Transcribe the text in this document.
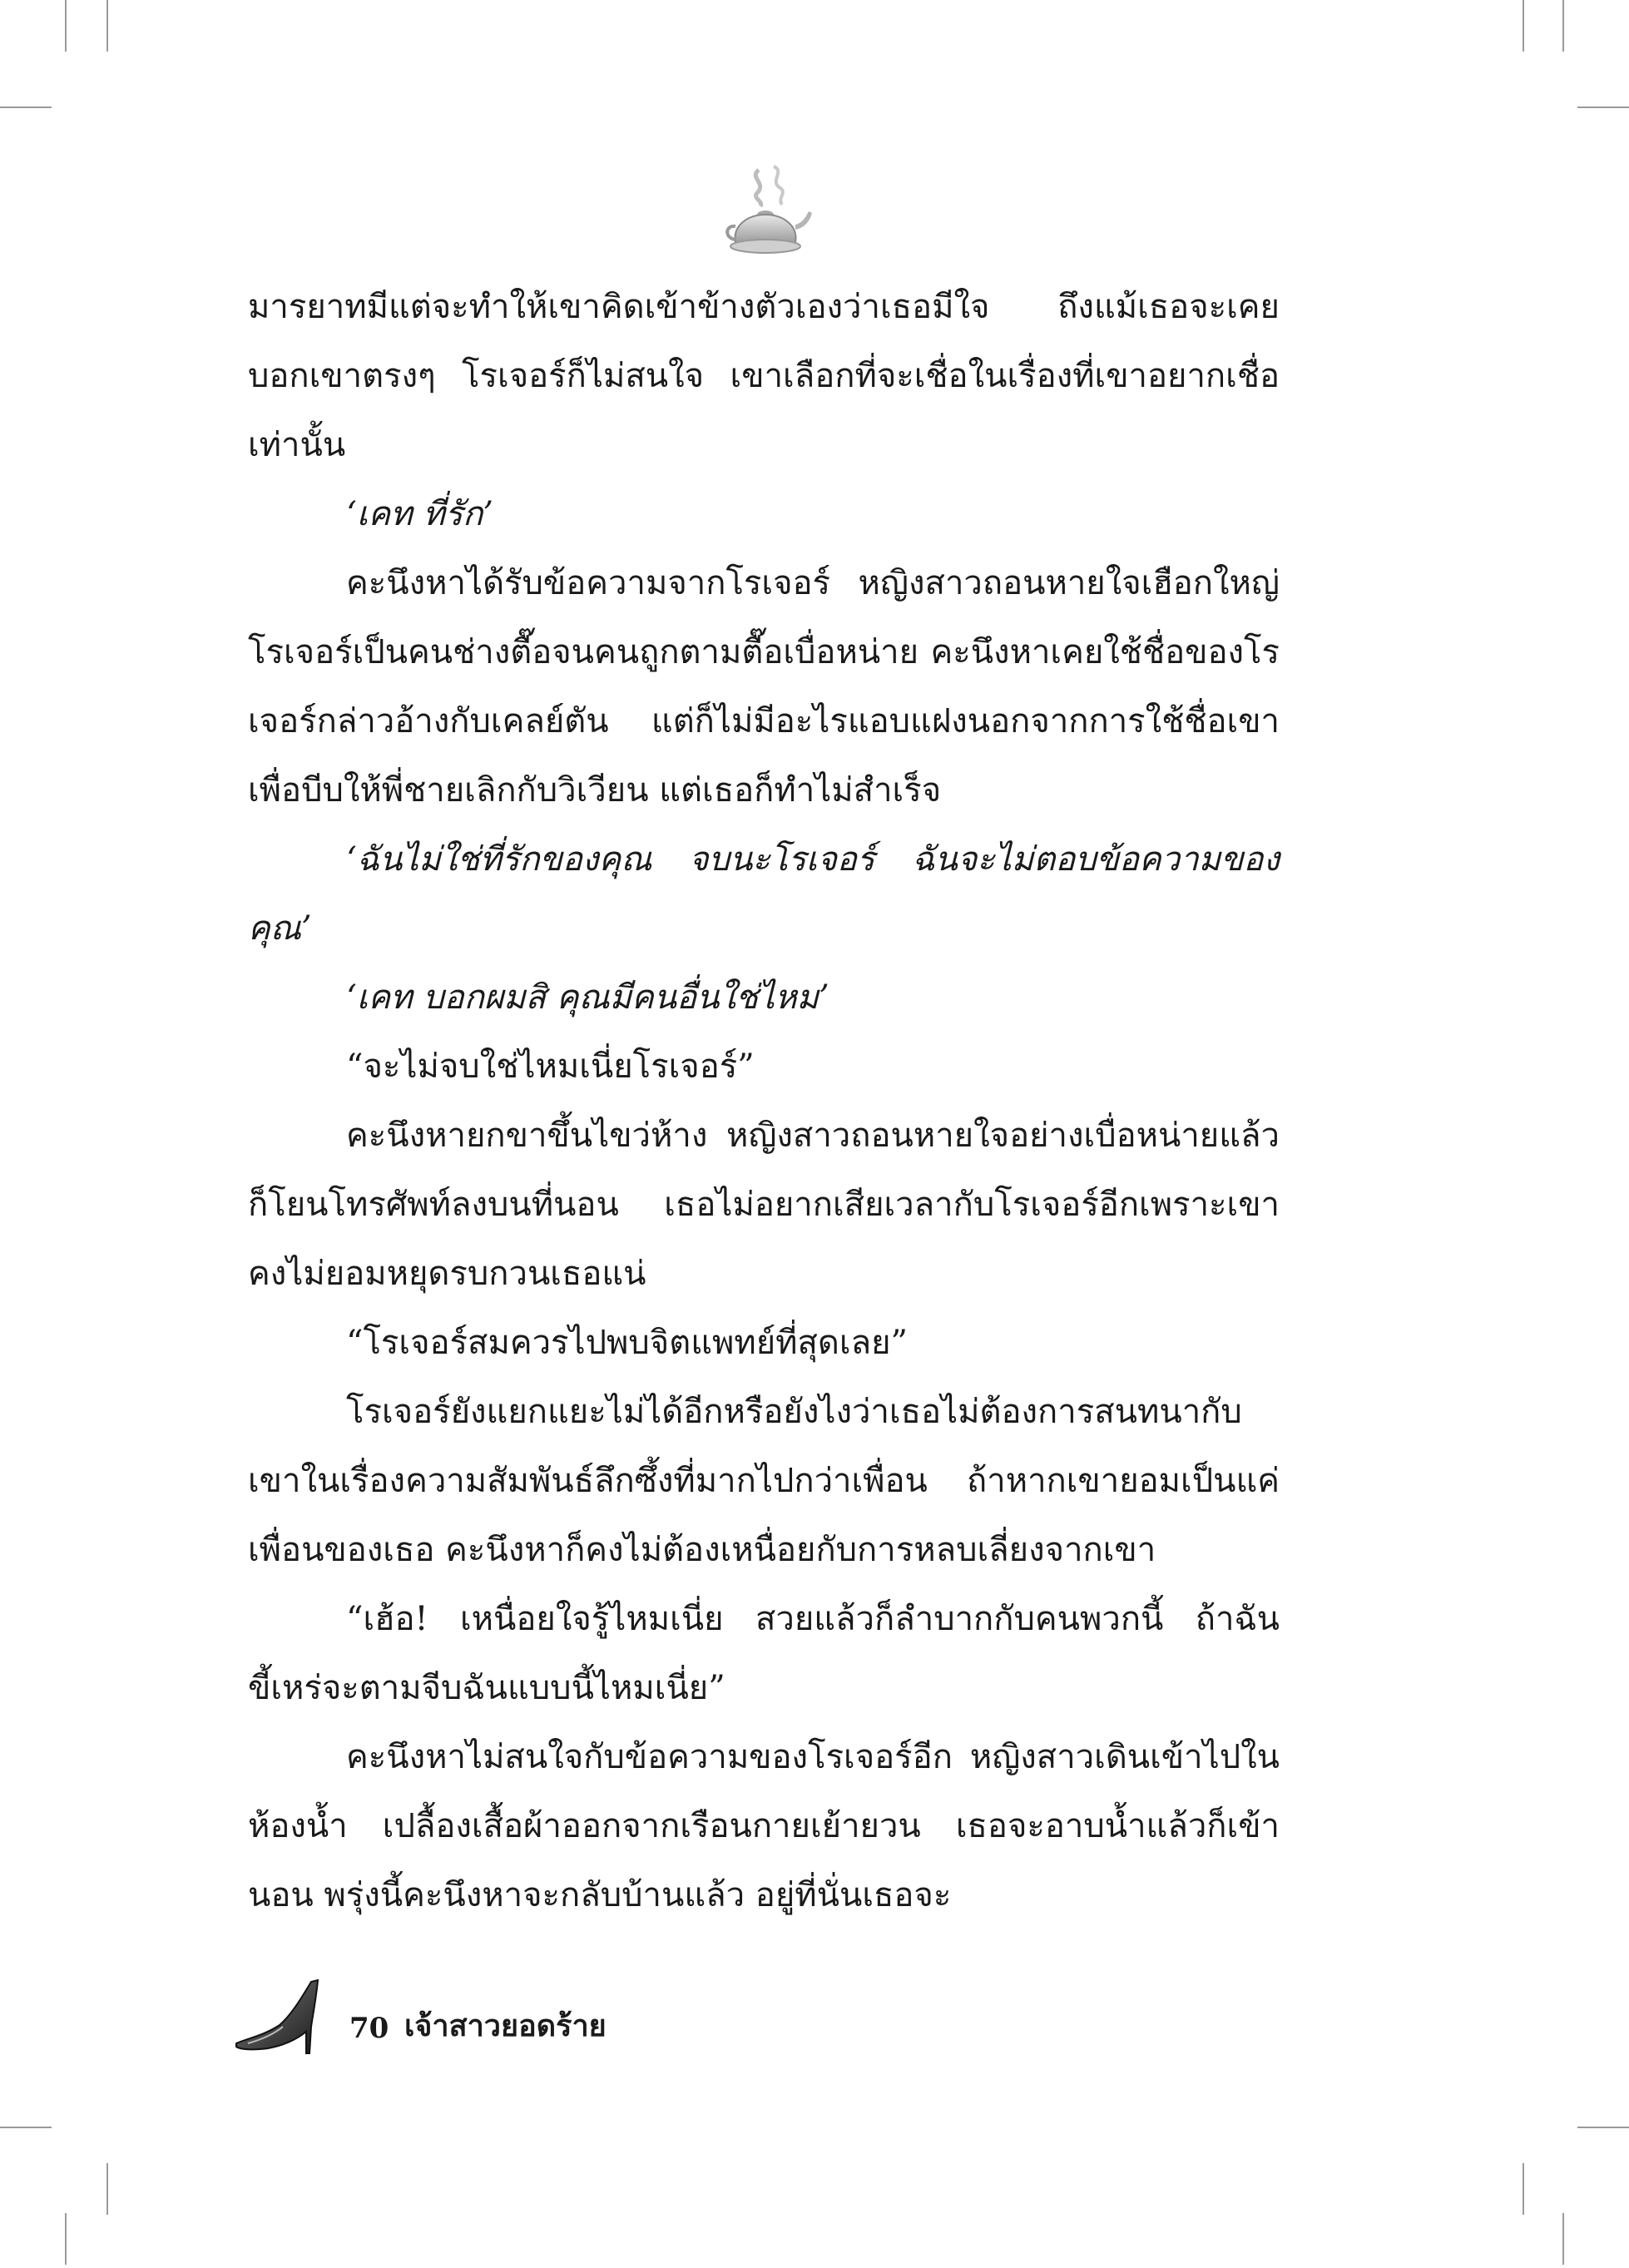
มารยาทมีแต่จะทำให้เขาคิดเข้าข้างตัวเองว่าเธอมีใจ ถึงแม้เธอจะเคยบอกเขาตรงๆ โรเจอร์ก็ไม่สนใจ เขาเลือกที่จะเชื่อในเรื่องที่เขาอยากเชื่อเท่านั้น

‘เคท ที่รัก’

คะนึงหาได้รับข้อความจากโรเจอร์ หญิงสาวถอนหายใจเฮือกใหญ่ โรเจอร์เป็นคนช่างตื๊อจนคนถูกตามตื๊อเบื่อหน่าย คะนึงหาเคยใช้ชื่อของโรเจอร์กล่าวอ้างกับเคลย์ตัน แต่ก็ไม่มีอะไรแอบแฝงนอกจากการใช้ชื่อเขาเพื่อบีบให้พี่ชายเลิกกับวิเวียน แต่เธอก็ทำไม่สำเร็จ

‘ฉันไม่ใช่ที่รักของคุณ จบนะโรเจอร์ ฉันจะไม่ตอบข้อความของคุณ’

‘เคท บอกผมสิ คุณมีคนอื่นใช่ไหม’

“จะไม่จบใช่ไหมเนี่ยโรเจอร์”

คะนึงหายกขาขึ้นไขว่ห้าง หญิงสาวถอนหายใจอย่างเบื่อหน่ายแล้วก็โยนโทรศัพท์ลงบนที่นอน เธอไม่อยากเสียเวลากับโรเจอร์อีกเพราะเขาคงไม่ยอมหยุดรบกวนเธอแน่

“โรเจอร์สมควรไปพบจิตแพทย์ที่สุดเลย”

โรเจอร์ยังแยกแยะไม่ได้อีกหรือยังไงว่าเธอไม่ต้องการสนทนากับเขาในเรื่องความสัมพันธ์ลึกซึ้งที่มากไปกว่าเพื่อน ถ้าหากเขายอมเป็นแค่เพื่อนของเธอ คะนึงหาก็คงไม่ต้องเหนื่อยกับการหลบเลี่ยงจากเขา

“เฮ้อ! เหนื่อยใจรู้ไหมเนี่ย สวยแล้วก็ลำบากกับคนพวกนี้ ถ้าฉันขี้เหร่จะตามจีบฉันแบบนี้ไหมเนี่ย”

คะนึงหาไม่สนใจกับข้อความของโรเจอร์อีก หญิงสาวเดินเข้าไปในห้องน้ำ เปลื้องเสื้อผ้าออกจากเรือนกายเย้ายวน เธอจะอาบน้ำแล้วก็เข้านอน พรุ่งนี้คะนึงหาจะกลับบ้านแล้ว อยู่ที่นั่นเธอจะ

70 เจ้าสาวยอดร้าย
